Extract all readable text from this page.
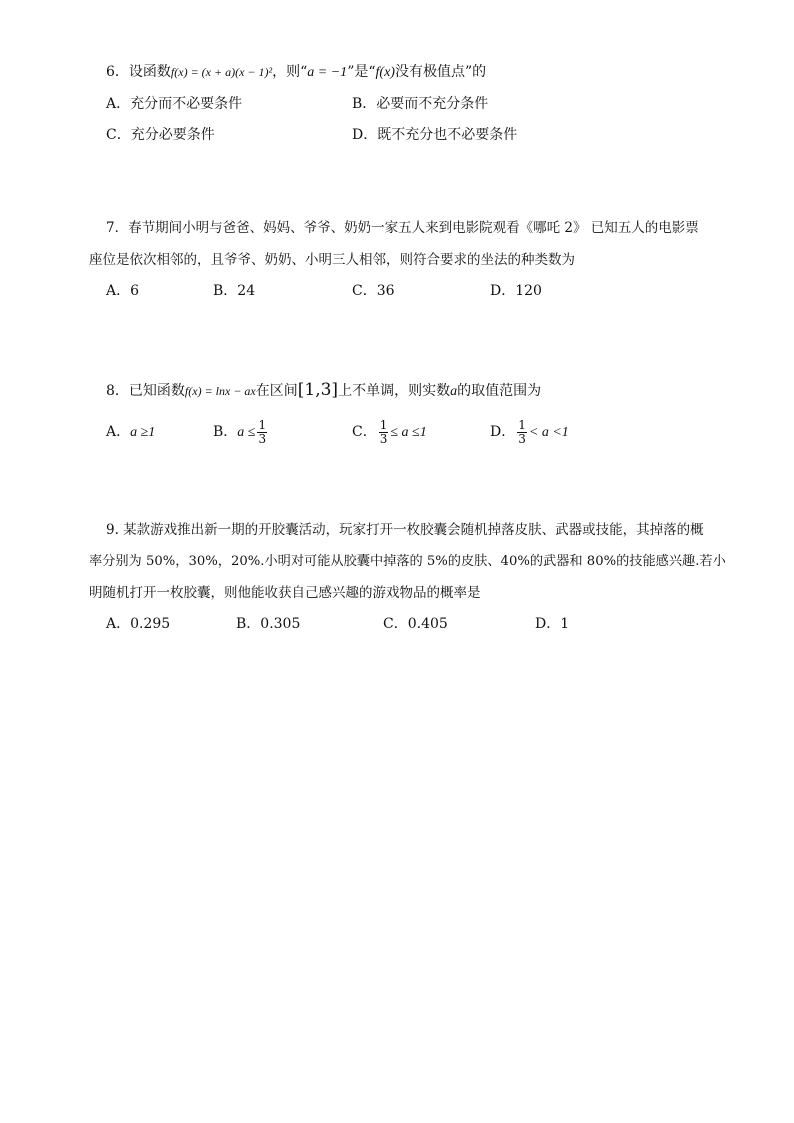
6．设函数f(x) = (x + a)(x − 1)²，则“a = −1”是“f(x)没有极值点”的
A．充分而不必要条件	B．必要而不充分条件
C．充分必要条件	D．既不充分也不必要条件
7．春节期间小明与爸爸、妈妈、爷爷、奶奶一家五人来到电影院观看《哪吒 2》 已知五人的电影票
座位是依次相邻的，且爷爷、奶奶、小明三人相邻，则符合要求的坐法的种类数为
A．6	B．24	C．36	D．120
8．已知函数f(x) = lnx − ax在区间[1,3]上不单调，则实数a的取值范围为
A．a ≥1	B．$a \le \frac{1}{3}$	C． $\frac{1}{3} \le a \le 1$	D． $\frac{1}{3} < a <1$
9. 某款游戏推出新一期的开胶囊活动，玩家打开一枚胶囊会随机掉落皮肤、武器或技能，其掉落的概
率分别为 50%，30%，20%.小明对可能从胶囊中掉落的 5%的皮肤、40%的武器和 80%的技能感兴趣.若小
明随机打开一枚胶囊，则他能收获自己感兴趣的游戏物品的概率是
A．0.295	B．0.305	C．0.405	D．1
